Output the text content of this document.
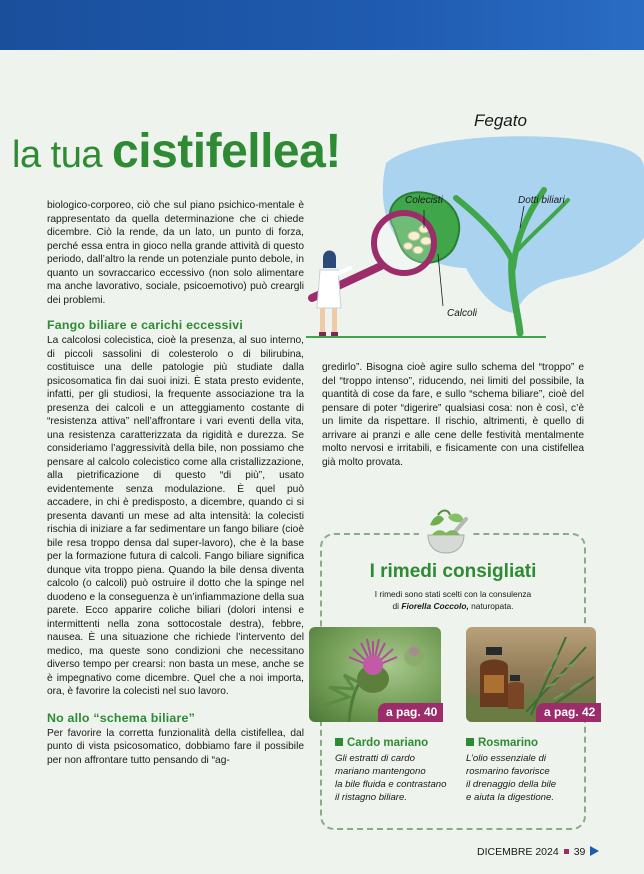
la tua cistifellea!
Fegato
Colecisti	Dotti biliari
Calcoli

biologico-corporeo, ciò che sul piano psichico-mentale è rappresentato da quella determinazione che ci chiede dicembre. Ciò la rende, da un lato, un punto di forza, perché essa entra in gioco nella grande attività di questo periodo, dall’altro la rende un potenziale punto debole, in quanto un sovraccarico eccessivo (non solo alimentare ma anche lavorativo, sociale, psicoemotivo) può creargli dei problemi.

Fango biliare e carichi eccessivi

La calcolosi colecistica, cioè la presenza, al suo interno, di piccoli sassolini di colesterolo o di bilirubina, costituisce una delle patologie più studiate dalla psicosomatica fin dai suoi inizi. È stata presto evidente, infatti, per gli studiosi, la frequente associazione tra la presenza dei calcoli e un atteggiamento costante di “resistenza attiva” nell’affrontare i vari eventi della vita, una resistenza caratterizzata da rigidità e durezza. Se consideriamo l’aggressività della bile, non possiamo che pensare al calcolo colecistico come alla cristallizzazione, alla pietrificazione di questo “di più”, usato evidentemente senza modulazione. È quel può accadere, in chi è predisposto, a dicembre, quando ci si presenta davanti un mese ad alta intensità: la colecisti rischia di iniziare a far sedimentare un fango biliare (cioè bile resa troppo densa dal super-lavoro), che è la base per la formazione futura di calcoli. Fango biliare significa dunque vita troppo piena. Quando la bile densa diventa calcolo (o calcoli) può ostruire il dotto che la spinge nel duodeno e la conseguenza è un’infiammazione della sua parete. Ecco apparire coliche biliari (dolori intensi e intermittenti nella zona sottocostale destra), febbre, nausea. È una situazione che richiede l’intervento del medico, ma queste sono condizioni che necessitano diverso tempo per crearsi: non basta un mese, anche se è impegnativo come dicembre. Quel che a noi importa, ora, è favorire la colecisti nel suo lavoro.

No allo “schema biliare”

Per favorire la corretta funzionalità della cistifellea, dal punto di vista psicosomatico, dobbiamo fare il possibile per non affrontare tutto pensando di “ag-

gredirlo”. Bisogna cioè agire sullo schema del “troppo” e del “troppo intenso”, riducendo, nei limiti del possibile, la quantità di cose da fare, e sullo “schema biliare”, cioè del pensare di poter “digerire” qualsiasi cosa: non è così, c’è un limite da rispettare. Il rischio, altrimenti, è quello di arrivare ai pranzi e alle cene delle festività mentalmente molto nervosi e irritabili, e fisicamente con una cistifellea già molto provata.

I rimedi consigliati
I rimedi sono stati scelti con la consulenza
di Fiorella Coccolo, naturopata.
a pag. 40	a pag. 42
Cardo mariano	Rosmarino
Gli estratti di cardo
mariano mantengono
la bile fluida e contrastano
il ristagno biliare.
L’olio essenziale di
rosmarino favorisce
il drenaggio della bile
e aiuta la digestione.
DICEMBRE 2024 39
